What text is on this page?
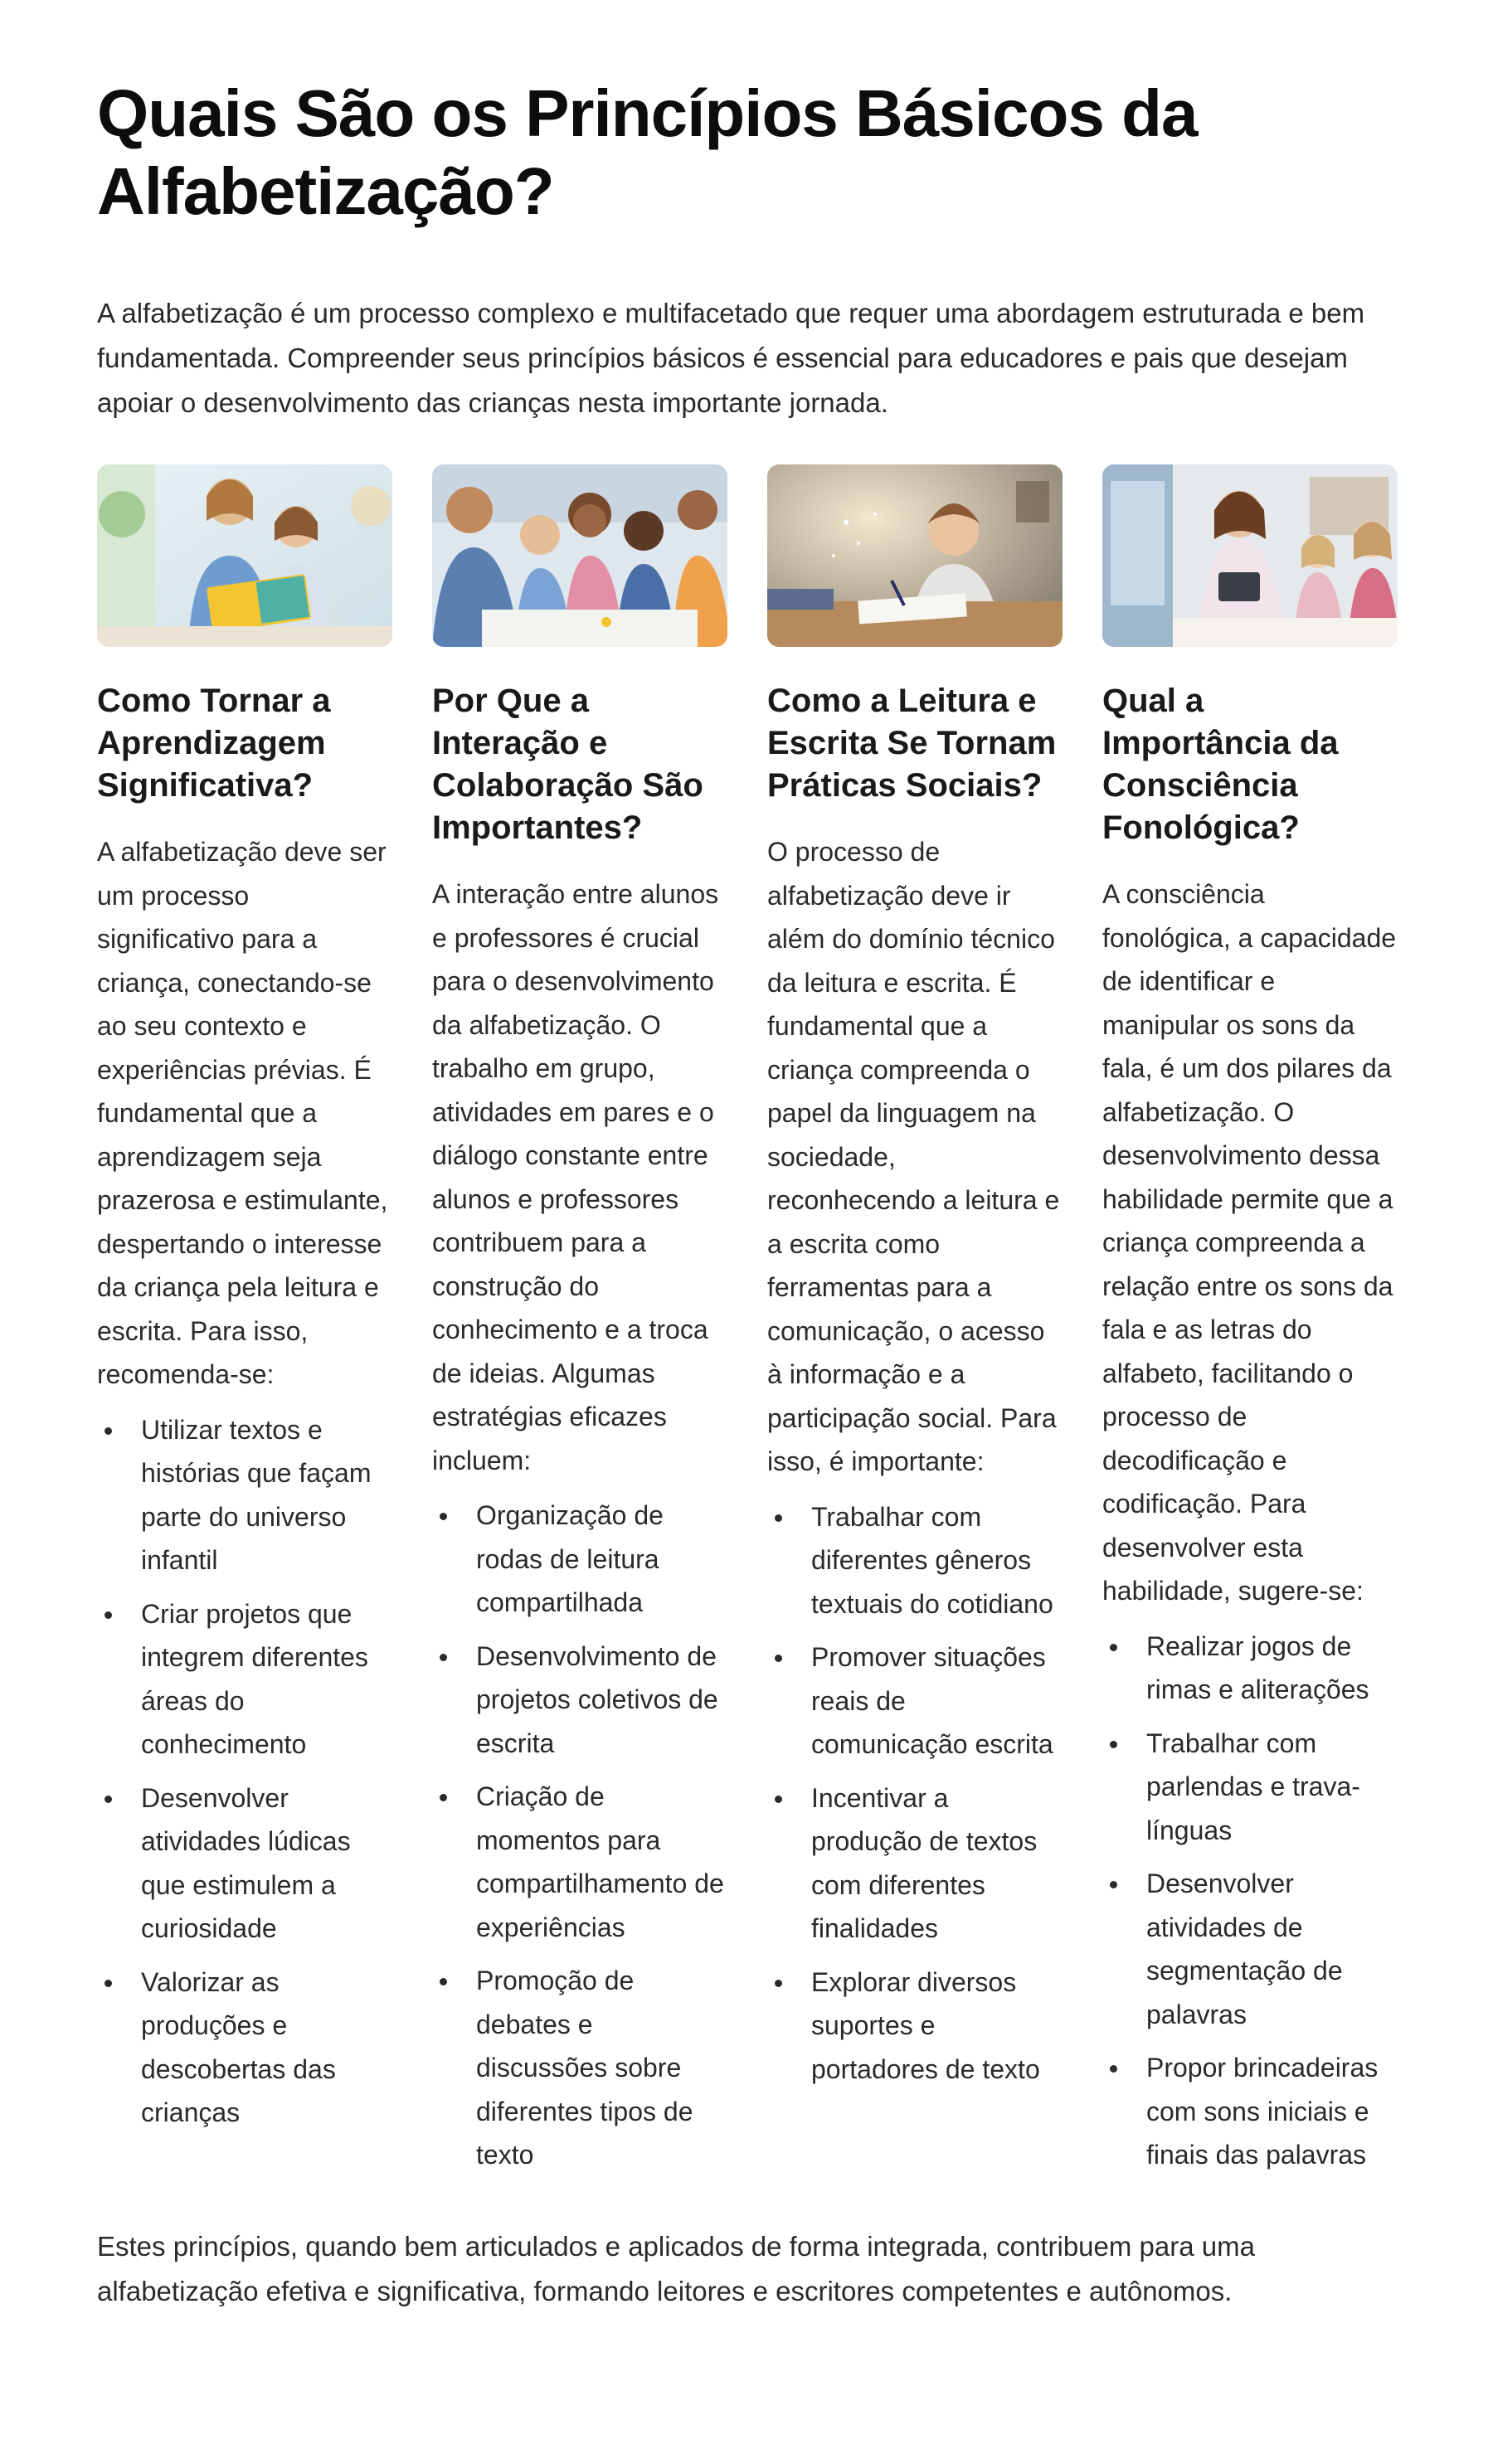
Quais São os Princípios Básicos da Alfabetização?

A alfabetização é um processo complexo e multifacetado que requer uma abordagem estruturada e bem fundamentada. Compreender seus princípios básicos é essencial para educadores e pais que desejam apoiar o desenvolvimento das crianças nesta importante jornada.

Como Tornar a Aprendizagem Significativa?

A alfabetização deve ser um processo significativo para a criança, conectando-se ao seu contexto e experiências prévias. É fundamental que a aprendizagem seja prazerosa e estimulante, despertando o interesse da criança pela leitura e escrita. Para isso, recomenda-se:

Utilizar textos e histórias que façam parte do universo infantil
Criar projetos que integrem diferentes áreas do conhecimento
Desenvolver atividades lúdicas que estimulem a curiosidade
Valorizar as produções e descobertas das crianças
Por Que a Interação e Colaboração São Importantes?

A interação entre alunos e professores é crucial para o desenvolvimento da alfabetização. O trabalho em grupo, atividades em pares e o diálogo constante entre alunos e professores contribuem para a construção do conhecimento e a troca de ideias. Algumas estratégias eficazes incluem:

Organização de rodas de leitura compartilhada
Desenvolvimento de projetos coletivos de escrita
Criação de momentos para compartilhamento de experiências
Promoção de debates e discussões sobre diferentes tipos de texto
Como a Leitura e Escrita Se Tornam Práticas Sociais?

O processo de alfabetização deve ir além do domínio técnico da leitura e escrita. É fundamental que a criança compreenda o papel da linguagem na sociedade, reconhecendo a leitura e a escrita como ferramentas para a comunicação, o acesso à informação e a participação social. Para isso, é importante:

Trabalhar com diferentes gêneros textuais do cotidiano
Promover situações reais de comunicação escrita
Incentivar a produção de textos com diferentes finalidades
Explorar diversos suportes e portadores de texto
Qual a Importância da Consciência Fonológica?

A consciência fonológica, a capacidade de identificar e manipular os sons da fala, é um dos pilares da alfabetização. O desenvolvimento dessa habilidade permite que a criança compreenda a relação entre os sons da fala e as letras do alfabeto, facilitando o processo de decodificação e codificação. Para desenvolver esta habilidade, sugere-se:

Realizar jogos de rimas e aliterações
Trabalhar com parlendas e trava-línguas
Desenvolver atividades de segmentação de palavras
Propor brincadeiras com sons iniciais e finais das palavras

Estes princípios, quando bem articulados e aplicados de forma integrada, contribuem para uma alfabetização efetiva e significativa, formando leitores e escritores competentes e autônomos.
